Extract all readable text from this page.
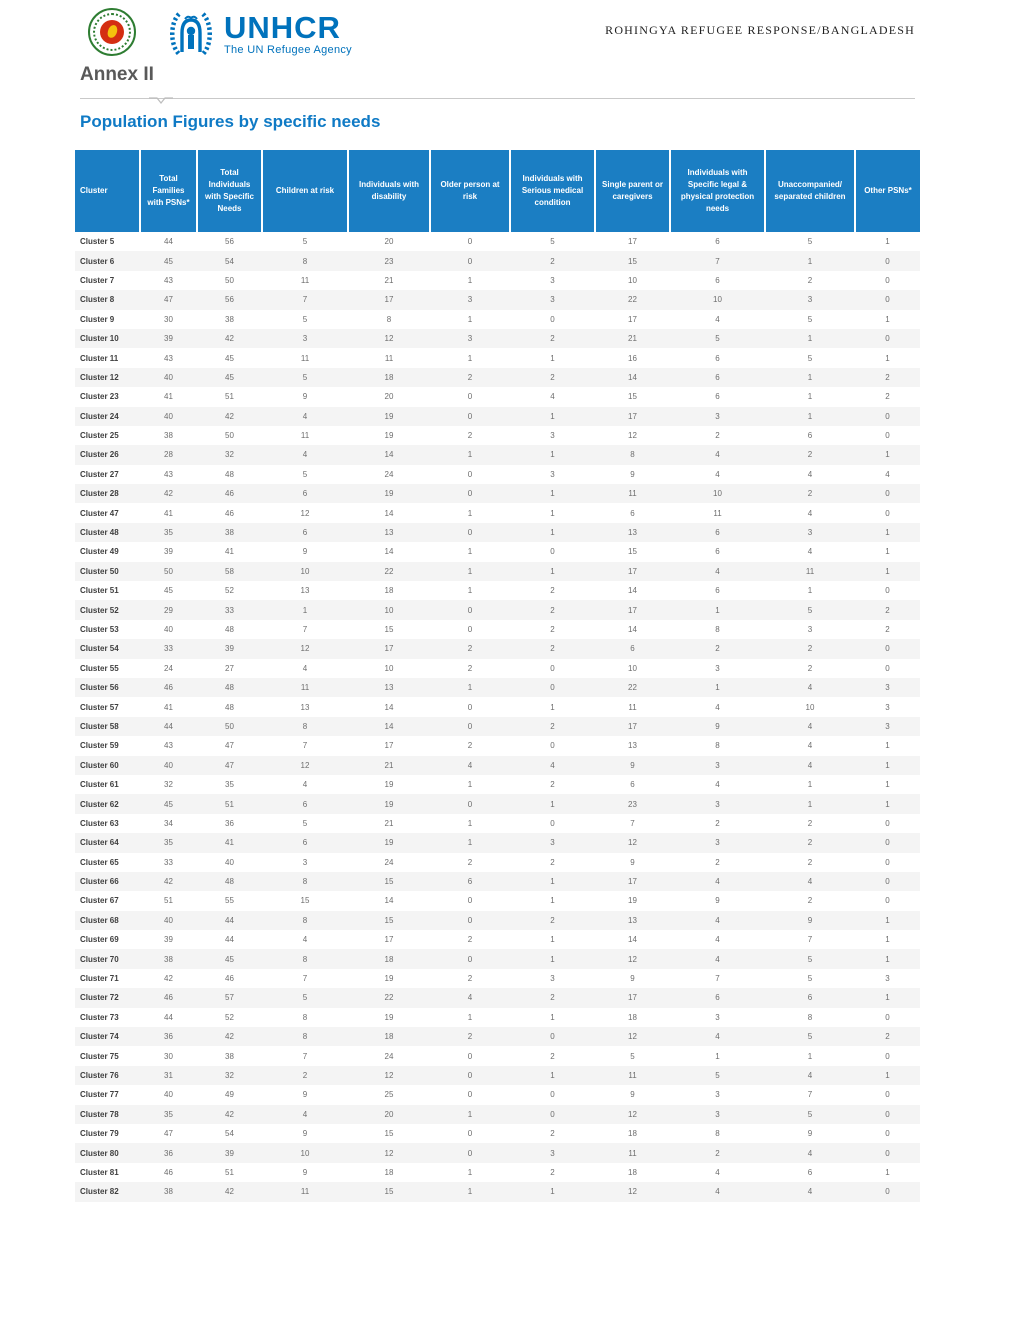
UNHCR
The UN Refugee Agency
ROHINGYA REFUGEE RESPONSE/BANGLADESH
Annex II
Population Figures by specific needs
Cluster	Total Families with PSNs*	Total Individuals with Specific Needs	Children at risk	Individuals with disability	Older person at risk	Individuals with Serious medical condition	Single parent or caregivers	Individuals with Specific legal & physical protection needs	Unaccompanied/ separated children	Other PSNs*
Cluster 5	44	56	5	20	0	5	17	6	5	1
Cluster 6	45	54	8	23	0	2	15	7	1	0
Cluster 7	43	50	11	21	1	3	10	6	2	0
Cluster 8	47	56	7	17	3	3	22	10	3	0
Cluster 9	30	38	5	8	1	0	17	4	5	1
Cluster 10	39	42	3	12	3	2	21	5	1	0
Cluster 11	43	45	11	11	1	1	16	6	5	1
Cluster 12	40	45	5	18	2	2	14	6	1	2
Cluster 23	41	51	9	20	0	4	15	6	1	2
Cluster 24	40	42	4	19	0	1	17	3	1	0
Cluster 25	38	50	11	19	2	3	12	2	6	0
Cluster 26	28	32	4	14	1	1	8	4	2	1
Cluster 27	43	48	5	24	0	3	9	4	4	4
Cluster 28	42	46	6	19	0	1	11	10	2	0
Cluster 47	41	46	12	14	1	1	6	11	4	0
Cluster 48	35	38	6	13	0	1	13	6	3	1
Cluster 49	39	41	9	14	1	0	15	6	4	1
Cluster 50	50	58	10	22	1	1	17	4	11	1
Cluster 51	45	52	13	18	1	2	14	6	1	0
Cluster 52	29	33	1	10	0	2	17	1	5	2
Cluster 53	40	48	7	15	0	2	14	8	3	2
Cluster 54	33	39	12	17	2	2	6	2	2	0
Cluster 55	24	27	4	10	2	0	10	3	2	0
Cluster 56	46	48	11	13	1	0	22	1	4	3
Cluster 57	41	48	13	14	0	1	11	4	10	3
Cluster 58	44	50	8	14	0	2	17	9	4	3
Cluster 59	43	47	7	17	2	0	13	8	4	1
Cluster 60	40	47	12	21	4	4	9	3	4	1
Cluster 61	32	35	4	19	1	2	6	4	1	1
Cluster 62	45	51	6	19	0	1	23	3	1	1
Cluster 63	34	36	5	21	1	0	7	2	2	0
Cluster 64	35	41	6	19	1	3	12	3	2	0
Cluster 65	33	40	3	24	2	2	9	2	2	0
Cluster 66	42	48	8	15	6	1	17	4	4	0
Cluster 67	51	55	15	14	0	1	19	9	2	0
Cluster 68	40	44	8	15	0	2	13	4	9	1
Cluster 69	39	44	4	17	2	1	14	4	7	1
Cluster 70	38	45	8	18	0	1	12	4	5	1
Cluster 71	42	46	7	19	2	3	9	7	5	3
Cluster 72	46	57	5	22	4	2	17	6	6	1
Cluster 73	44	52	8	19	1	1	18	3	8	0
Cluster 74	36	42	8	18	2	0	12	4	5	2
Cluster 75	30	38	7	24	0	2	5	1	1	0
Cluster 76	31	32	2	12	0	1	11	5	4	1
Cluster 77	40	49	9	25	0	0	9	3	7	0
Cluster 78	35	42	4	20	1	0	12	3	5	0
Cluster 79	47	54	9	15	0	2	18	8	9	0
Cluster 80	36	39	10	12	0	3	11	2	4	0
Cluster 81	46	51	9	18	1	2	18	4	6	1
Cluster 82	38	42	11	15	1	1	12	4	4	0
